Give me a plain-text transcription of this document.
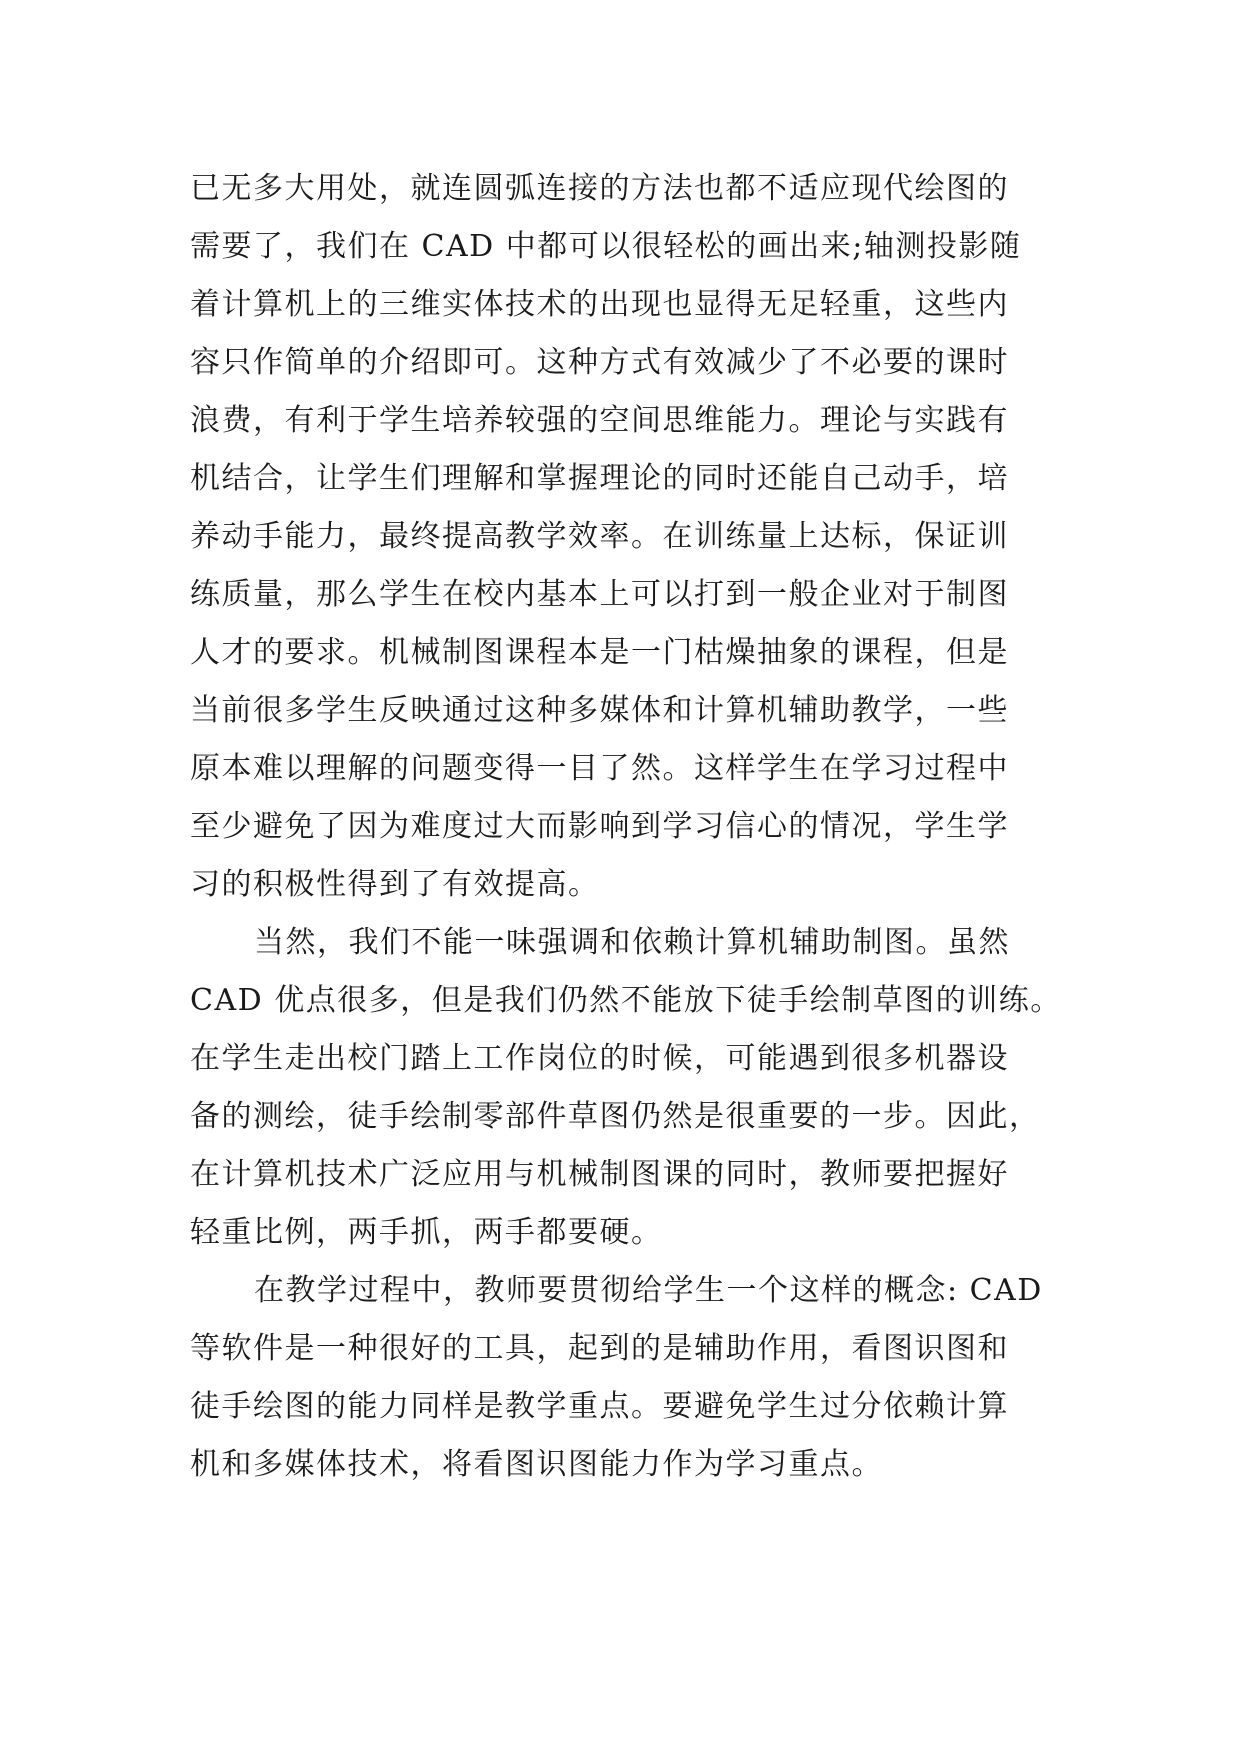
已无多大用处，就连圆弧连接的方法也都不适应现代绘图的
需要了，我们在 CAD 中都可以很轻松的画出来;轴测投影随
着计算机上的三维实体技术的出现也显得无足轻重，这些内
容只作简单的介绍即可。这种方式有效减少了不必要的课时
浪费，有利于学生培养较强的空间思维能力。理论与实践有
机结合，让学生们理解和掌握理论的同时还能自己动手，培
养动手能力，最终提高教学效率。在训练量上达标，保证训
练质量，那么学生在校内基本上可以打到一般企业对于制图
人才的要求。机械制图课程本是一门枯燥抽象的课程，但是
当前很多学生反映通过这种多媒体和计算机辅助教学，一些
原本难以理解的问题变得一目了然。这样学生在学习过程中
至少避免了因为难度过大而影响到学习信心的情况，学生学
习的积极性得到了有效提高。
当然，我们不能一味强调和依赖计算机辅助制图。虽然
CAD 优点很多，但是我们仍然不能放下徒手绘制草图的训练。
在学生走出校门踏上工作岗位的时候，可能遇到很多机器设
备的测绘，徒手绘制零部件草图仍然是很重要的一步。因此，
在计算机技术广泛应用与机械制图课的同时，教师要把握好
轻重比例，两手抓，两手都要硬。
在教学过程中，教师要贯彻给学生一个这样的概念: CAD
等软件是一种很好的工具，起到的是辅助作用，看图识图和
徒手绘图的能力同样是教学重点。要避免学生过分依赖计算
机和多媒体技术，将看图识图能力作为学习重点。
